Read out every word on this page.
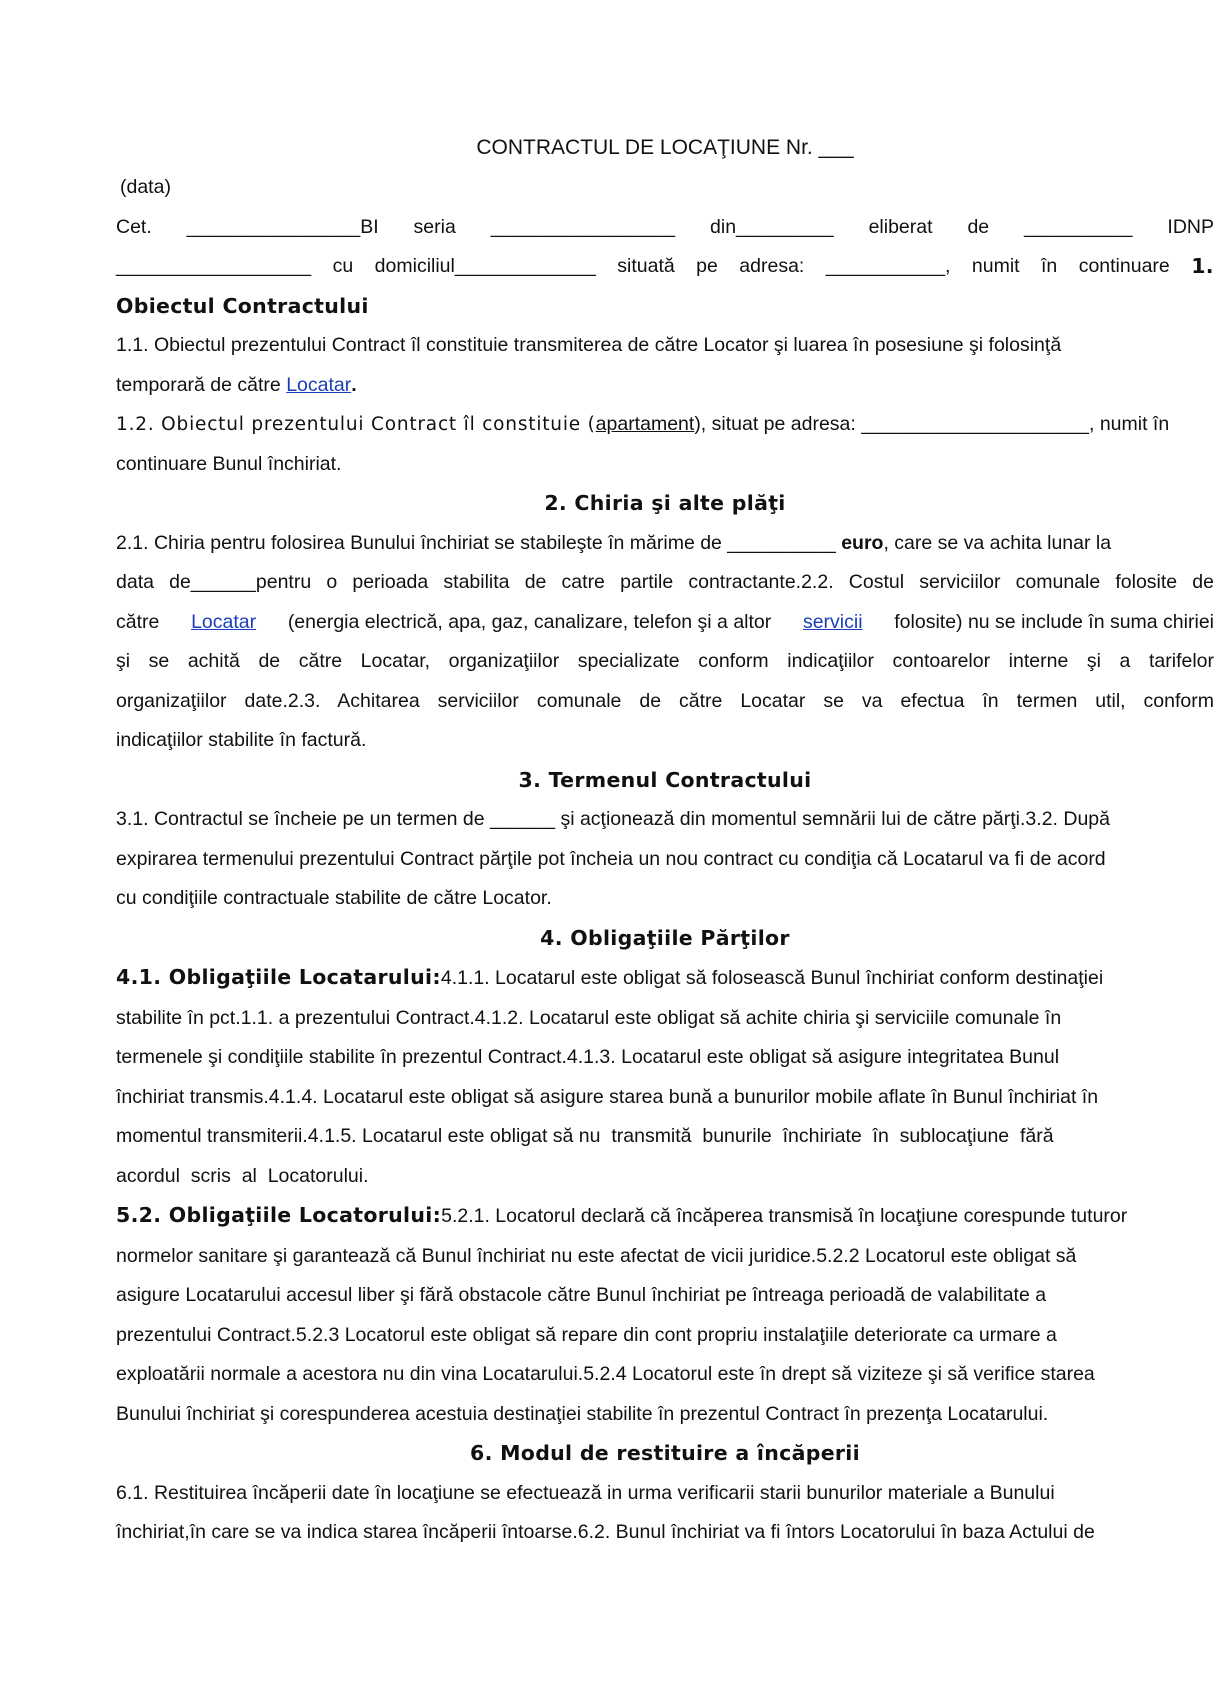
CONTRACTUL DE LOCAŢIUNE Nr. ___
(data)
Cet. ________________BI seria _________________ din_________ eliberat de __________ IDNP
__________________ cu domiciliul_____________ situată pe adresa: ___________, numit în continuare 1.
Obiectul Contractului
1.1. Obiectul prezentului Contract îl constituie transmiterea de către Locator şi luarea în posesiune şi folosinţă
temporară de către Locatar.
1.2. Obiectul prezentului Contract îl constituie (apartament), situat pe adresa: _____________________, numit în
continuare Bunul închiriat.
2. Chiria şi alte plăţi
2.1. Chiria pentru folosirea Bunului închiriat se stabileşte în mărime de __________ euro, care se va achita lunar la
data de______pentru o perioada stabilita de catre partile contractante.2.2. Costul serviciilor comunale folosite de
către Locatar (energia electrică, apa, gaz, canalizare, telefon şi a altor servicii folosite) nu se include în suma chiriei
şi se achită de către Locatar, organizaţiilor specializate conform indicaţiilor contoarelor interne şi a tarifelor
organizaţiilor date.2.3. Achitarea serviciilor comunale de către Locatar se va efectua în termen util, conform
indicaţiilor stabilite în factură.
3. Termenul Contractului
3.1. Contractul se încheie pe un termen de ______ şi acţionează din momentul semnării lui de către părţi.3.2. După
expirarea termenului prezentului Contract părţile pot încheia un nou contract cu condiţia că Locatarul va fi de acord
cu condiţiile contractuale stabilite de către Locator.
4. Obligaţiile Părţilor
4.1. Obligaţiile Locatarului:4.1.1. Locatarul este obligat să folosească Bunul închiriat conform destinaţiei
stabilite în pct.1.1. a prezentului Contract.4.1.2. Locatarul este obligat să achite chiria şi serviciile comunale în
termenele şi condiţiile stabilite în prezentul Contract.4.1.3. Locatarul este obligat să asigure integritatea Bunul
închiriat transmis.4.1.4. Locatarul este obligat să asigure starea bună a bunurilor mobile aflate în Bunul închiriat în
momentul transmiterii.4.1.5. Locatarul este obligat să nu  transmită  bunurile  închiriate  în  sublocaţiune  fără
acordul  scris  al  Locatorului.
5.2. Obligaţiile Locatorului:5.2.1. Locatorul declară că încăperea transmisă în locaţiune corespunde tuturor
normelor sanitare şi garantează că Bunul închiriat nu este afectat de vicii juridice.5.2.2 Locatorul este obligat să
asigure Locatarului accesul liber şi fără obstacole către Bunul închiriat pe întreaga perioadă de valabilitate a
prezentului Contract.5.2.3 Locatorul este obligat să repare din cont propriu instalaţiile deteriorate ca urmare a
exploatării normale a acestora nu din vina Locatarului.5.2.4 Locatorul este în drept să viziteze şi să verifice starea
Bunului închiriat şi corespunderea acestuia destinaţiei stabilite în prezentul Contract în prezenţa Locatarului.
6. Modul de restituire a încăperii
6.1. Restituirea încăperii date în locaţiune se efectuează in urma verificarii starii bunurilor materiale a Bunului
închiriat,în care se va indica starea încăperii întoarse.6.2. Bunul închiriat va fi întors Locatorului în baza Actului de
